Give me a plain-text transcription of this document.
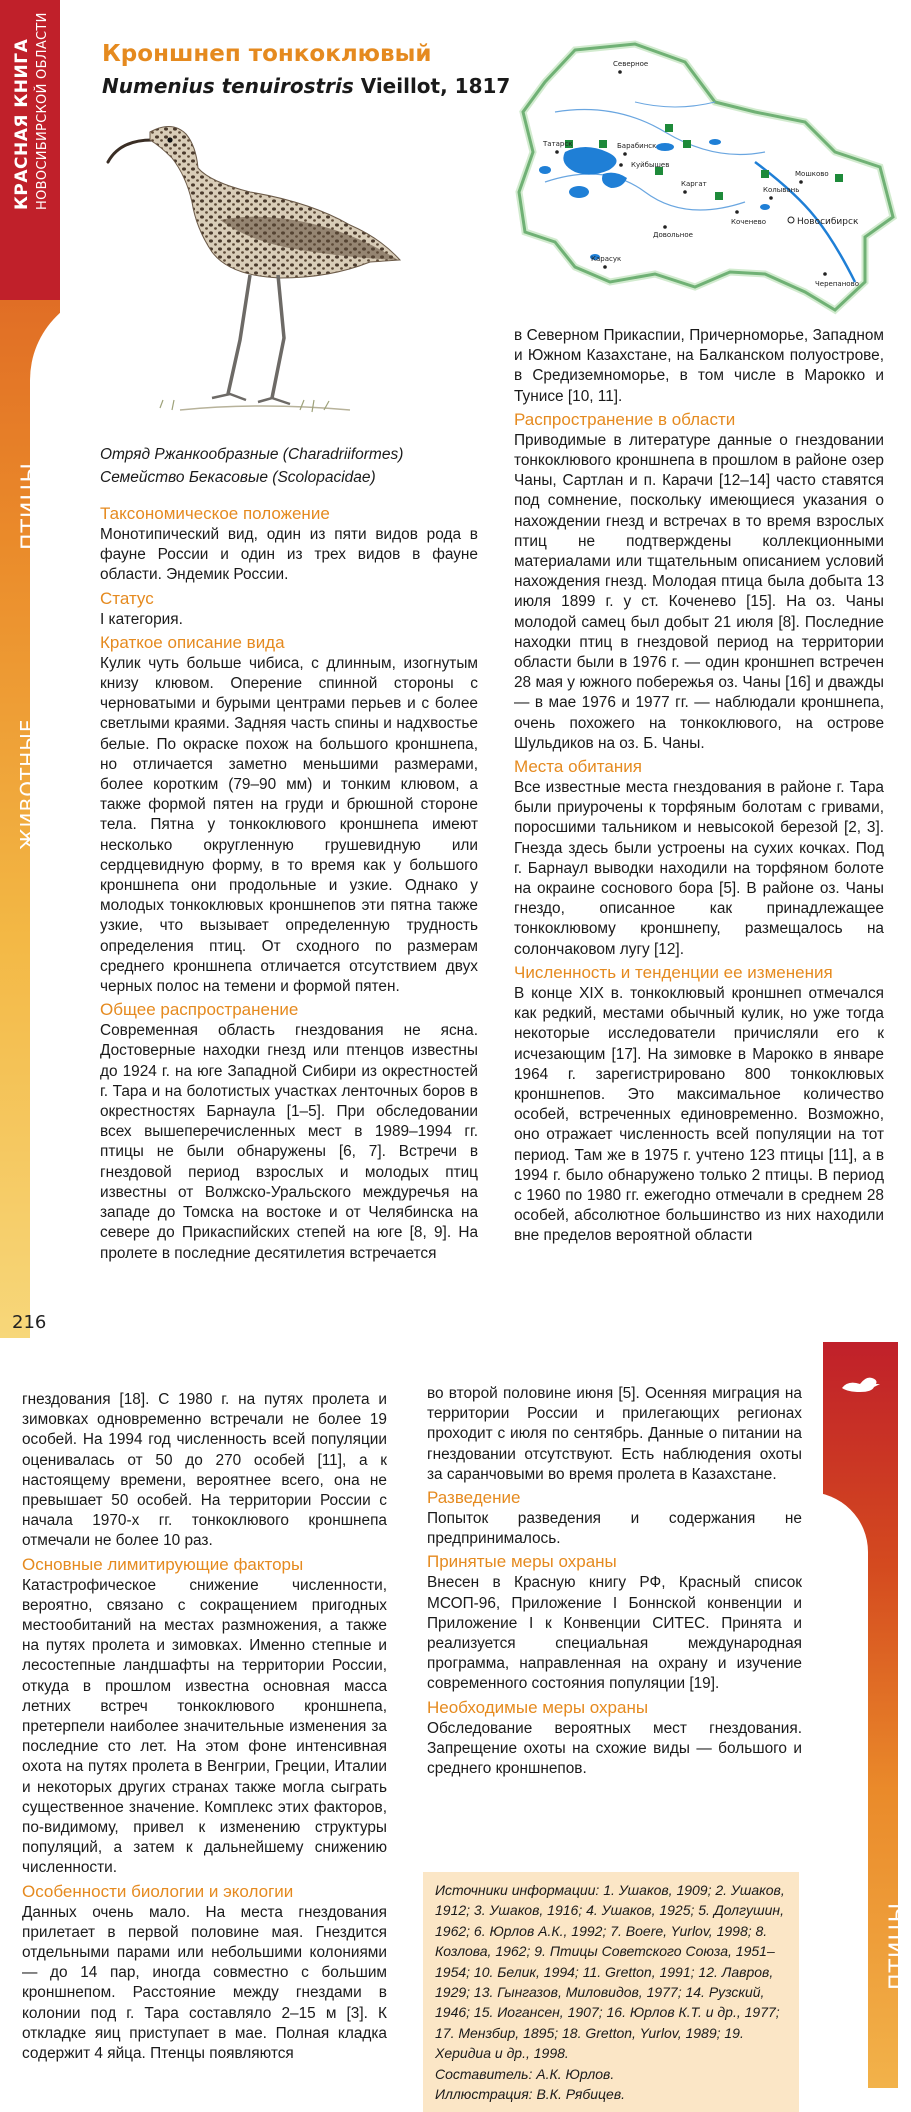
КРАСНАЯ КНИГА НОВОСИБИРСКОЙ ОБЛАСТИ
ПТИЦЫ
ЖИВОТНЫЕ
216
Кроншнеп тонкоклювый
Numenius tenuirostris Vieillot, 1817
Северное
Татарск	Барабинск
Куйбышев
Каргат
Коченево
Колывань
Мошково
Новосибирск
Карасук
Довольное
Черепаново
Отряд Ржанкообразные (Charadriiformes)
Семейство Бекасовые (Scolopacidae)
Таксономическое положение

Монотипический вид, один из пяти видов рода в фауне России и один из трех видов в фауне области. Эндемик России.

Статус

I категория.

Краткое описание вида

Кулик чуть больше чибиса, с длинным, изогнутым книзу клювом. Оперение спинной стороны с черноватыми и бурыми центрами перьев и с более светлыми краями. Задняя часть спины и надхвостье белые. По окраске похож на большого кроншнепа, но отличается заметно меньшими размерами, более коротким (79–90 мм) и тонким клювом, а также формой пятен на груди и брюшной стороне тела. Пятна у тонкоклювого кроншнепа имеют несколько округленную грушевидную или сердцевидную форму, в то время как у большого кроншнепа они продольные и узкие. Однако у молодых тонкоклювых кроншнепов эти пятна также узкие, что вызывает определенную трудность определения птиц. От сходного по размерам среднего кроншнепа отличается отсутствием двух черных полос на темени и формой пятен.

Общее распространение

Современная область гнездования не ясна. Достоверные находки гнезд или птенцов известны до 1924 г. на юге Западной Сибири из окрестностей г. Тара и на болотистых участках ленточных боров в окрестностях Барнаула [1–5]. При обследовании всех вышеперечисленных мест в 1989–1994 гг. птицы не были обнаружены [6, 7]. Встречи в гнездовой период взрослых и молодых птиц известны от Волжско-Уральского междуречья на западе до Томска на востоке и от Челябинска на севере до Прикаспийских степей на юге [8, 9]. На пролете в последние десятилетия встречается

в Северном Прикаспии, Причерноморье, Западном и Южном Казахстане, на Балканском полуострове, в Средиземноморье, в том числе в Марокко и Тунисе [10, 11].

Распространение в области

Приводимые в литературе данные о гнездовании тонкоклювого кроншнепа в прошлом в районе озер Чаны, Сартлан и п. Карачи [12–14] часто ставятся под сомнение, поскольку имеющиеся указания о нахождении гнезд и встречах в то время взрослых птиц не подтверждены коллекционными материалами или тщательным описанием условий нахождения гнезд. Молодая птица была добыта 13 июля 1899 г. у ст. Коченево [15]. На оз. Чаны молодой самец был добыт 21 июля [8]. Последние находки птиц в гнездовой период на территории области были в 1976 г. — один кроншнеп встречен 28 мая у южного побережья оз. Чаны [16] и дважды — в мае 1976 и 1977 гг. — наблюдали кроншнепа, очень похожего на тонкоклювого, на острове Шульдиков на оз. Б. Чаны.

Места обитания

Все известные места гнездования в районе г. Тара были приурочены к торфяным болотам с гривами, поросшими тальником и невысокой березой [2, 3]. Гнезда здесь были устроены на сухих кочках. Под г. Барнаул выводки находили на торфяном болоте на окраине соснового бора [5]. В районе оз. Чаны гнездо, описанное как принадлежащее тонкоклювому кроншнепу, размещалось на солончаковом лугу [12].

Численность и тенденции ее изменения

В конце XIX в. тонкоклювый кроншнеп отмечался как редкий, местами обычный кулик, но уже тогда некоторые исследователи причисляли его к исчезающим [17]. На зимовке в Марокко в январе 1964 г. зарегистрировано 800 тонкоклювых кроншнепов. Это максимальное количество особей, встреченных единовременно. Возможно, оно отражает численность всей популяции на тот период. Там же в 1975 г. учтено 123 птицы [11], а в 1994 г. было обнаружено только 2 птицы. В период с 1960 по 1980 гг. ежегодно отмечали в среднем 28 особей, абсолютное большинство из них находили вне пределов вероятной области

ПТИЦЫ

гнездования [18]. С 1980 г. на путях пролета и зимовках одновременно встречали не более 19 особей. На 1994 год численность всей популяции оценивалась от 50 до 270 особей [11], а к настоящему времени, вероятнее всего, она не превышает 50 особей. На территории России с начала 1970-х гг. тонкоклювого кроншнепа отмечали не более 10 раз.

Основные лимитирующие факторы

Катастрофическое снижение численности, вероятно, связано с сокращением пригодных местообитаний на местах размножения, а также на путях пролета и зимовках. Именно степные и лесостепные ландшафты на территории России, откуда в прошлом известна основная масса летних встреч тонкоклювого кроншнепа, претерпели наиболее значительные изменения за последние сто лет. На этом фоне интенсивная охота на путях пролета в Венгрии, Греции, Италии и некоторых других странах также могла сыграть существенное значение. Комплекс этих факторов, по-видимому, привел к изменению структуры популяций, а затем к дальнейшему снижению численности.

Особенности биологии и экологии

Данных очень мало. На места гнездования прилетает в первой половине мая. Гнездится отдельными парами или небольшими колониями — до 14 пар, иногда совместно с большим кроншнепом. Расстояние между гнездами в колонии под г. Тара составляло 2–15 м [3]. К откладке яиц приступает в мае. Полная кладка содержит 4 яйца. Птенцы появляются

во второй половине июня [5]. Осенняя миграция на территории России и прилегающих регионах проходит с июля по сентябрь. Данные о питании на гнездовании отсутствуют. Есть наблюдения охоты за саранчовыми во время пролета в Казахстане.

Разведение

Попыток разведения и содержания не предпринималось.

Принятые меры охраны

Внесен в Красную книгу РФ, Красный список МСОП-96, Приложение I Боннской конвенции и Приложение I к Конвенции СИТЕС. Принята и реализуется специальная международная программа, направленная на охрану и изучение современного состояния популяции [19].

Необходимые меры охраны

Обследование вероятных мест гнездования. Запрещение охоты на схожие виды — большого и среднего кроншнепов.

Источники информации: 1. Ушаков, 1909; 2. Ушаков, 1912; 3. Ушаков, 1916; 4. Ушаков, 1925; 5. Долгушин, 1962; 6. Юрлов А.К., 1992; 7. Boere, Yurlov, 1998; 8. Козлова, 1962; 9. Птицы Советского Союза, 1951–1954; 10. Белик, 1994; 11. Gretton, 1991; 12. Лавров, 1929; 13. Гынгазов, Миловидов, 1977; 14. Рузский, 1946; 15. Иогансен, 1907; 16. Юрлов К.Т. и др., 1977; 17. Мензбир, 1895; 18. Gretton, Yurlov, 1989; 19. Херидиа и др., 1998.

Составитель: А.К. Юрлов.

Иллюстрация: В.К. Рябицев.
